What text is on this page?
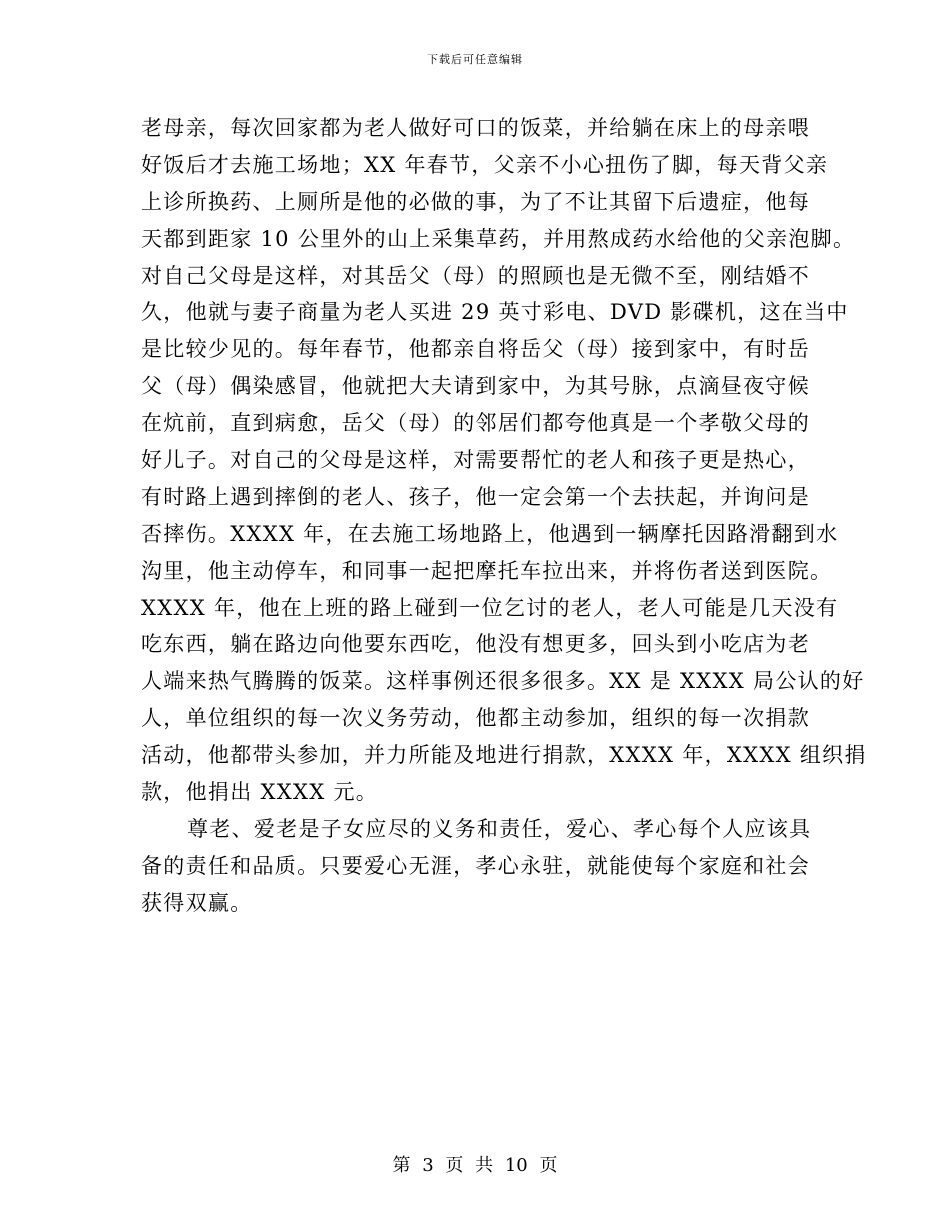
下载后可任意编辑
老母亲，每次回家都为老人做好可口的饭菜，并给躺在床上的母亲喂
好饭后才去施工场地；XX 年春节，父亲不小心扭伤了脚，每天背父亲
上诊所换药、上厕所是他的必做的事，为了不让其留下后遗症，他每
天都到距家 10 公里外的山上采集草药，并用熬成药水给他的父亲泡脚。
对自己父母是这样，对其岳父（母）的照顾也是无微不至，刚结婚不
久，他就与妻子商量为老人买进 29 英寸彩电、DVD 影碟机，这在当中
是比较少见的。每年春节，他都亲自将岳父（母）接到家中，有时岳
父（母）偶染感冒，他就把大夫请到家中，为其号脉，点滴昼夜守候
在炕前，直到病愈，岳父（母）的邻居们都夸他真是一个孝敬父母的
好儿子。对自己的父母是这样，对需要帮忙的老人和孩子更是热心，
有时路上遇到摔倒的老人、孩子，他一定会第一个去扶起，并询问是
否摔伤。XXXX 年，在去施工场地路上，他遇到一辆摩托因路滑翻到水
沟里，他主动停车，和同事一起把摩托车拉出来，并将伤者送到医院。
XXXX 年，他在上班的路上碰到一位乞讨的老人，老人可能是几天没有
吃东西，躺在路边向他要东西吃，他没有想更多，回头到小吃店为老
人端来热气腾腾的饭菜。这样事例还很多很多。XX 是 XXXX 局公认的好
人，单位组织的每一次义务劳动，他都主动参加，组织的每一次捐款
活动，他都带头参加，并力所能及地进行捐款，XXXX 年，XXXX 组织捐
款，他捐出 XXXX 元。
尊老、爱老是子女应尽的义务和责任，爱心、孝心每个人应该具
备的责任和品质。只要爱心无涯，孝心永驻，就能使每个家庭和社会
获得双赢。
第 3 页 共 10 页
